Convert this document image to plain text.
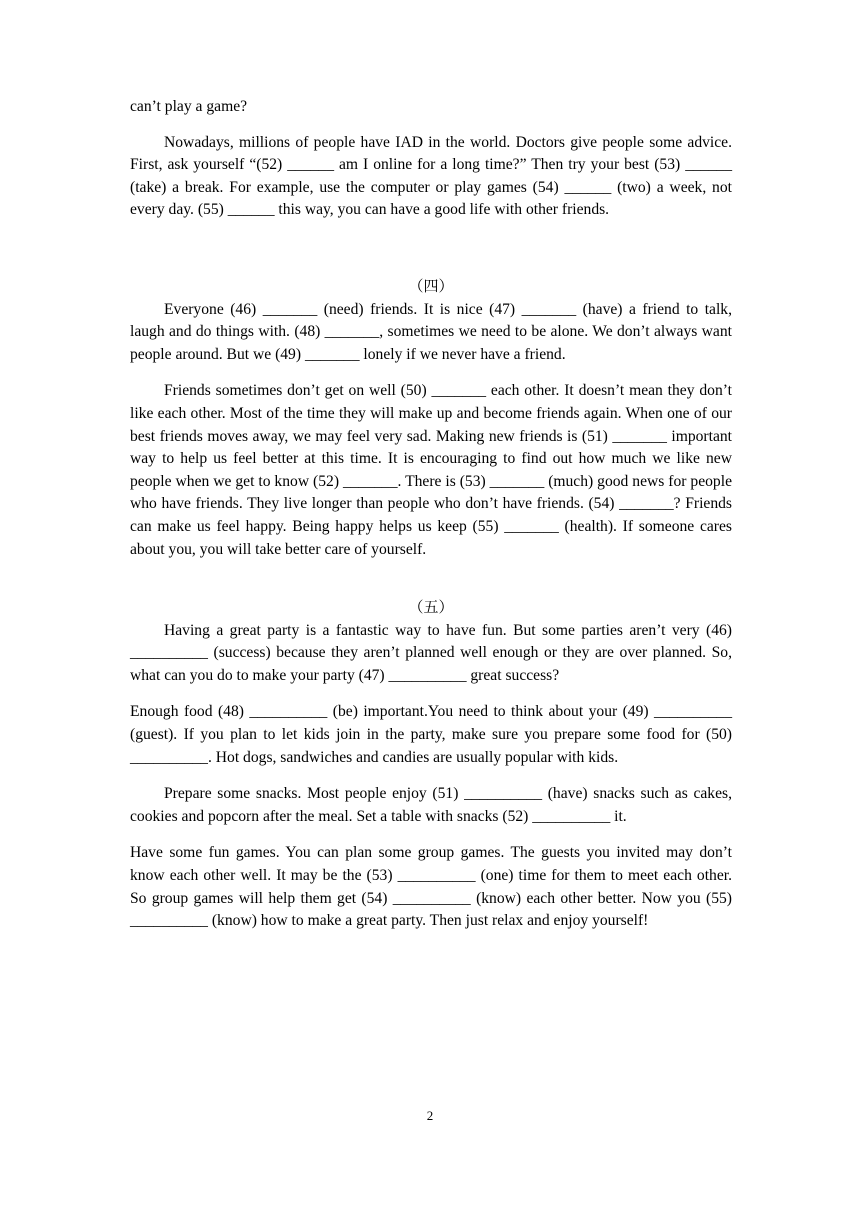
can’t play a game?

Nowadays, millions of people have IAD in the world. Doctors give people some advice. First, ask yourself “(52) ______ am I online for a long time?” Then try your best (53) ______ (take) a break. For example, use the computer or play games (54) ______ (two) a week, not every day. (55) ______ this way, you can have a good life with other friends.

（四）

Everyone (46) _______ (need) friends. It is nice (47) _______ (have) a friend to talk, laugh and do things with. (48) _______, sometimes we need to be alone. We don’t always want people around. But we (49) _______ lonely if we never have a friend.

Friends sometimes don’t get on well (50) _______ each other. It doesn’t mean they don’t like each other. Most of the time they will make up and become friends again. When one of our best friends moves away, we may feel very sad. Making new friends is (51) _______ important way to help us feel better at this time. It is encouraging to find out how much we like new people when we get to know (52) _______. There is (53) _______ (much) good news for people who have friends. They live longer than people who don’t have friends. (54) _______? Friends can make us feel happy. Being happy helps us keep (55) _______ (health). If someone cares about you, you will take better care of yourself.

（五）

Having a great party is a fantastic way to have fun. But some parties aren’t very (46) __________ (success) because they aren’t planned well enough or they are over planned. So, what can you do to make your party (47) __________ great success?

Enough food (48) __________ (be) important.You need to think about your (49) __________ (guest). If you plan to let kids join in the party, make sure you prepare some food for (50) __________. Hot dogs, sandwiches and candies are usually popular with kids.

Prepare some snacks. Most people enjoy (51) __________ (have) snacks such as cakes, cookies and popcorn after the meal. Set a table with snacks (52) __________ it.

Have some fun games. You can plan some group games. The guests you invited may don’t know each other well. It may be the (53) __________ (one) time for them to meet each other. So group games will help them get (54) __________ (know) each other better. Now you (55) __________ (know) how to make a great party. Then just relax and enjoy yourself!

2
